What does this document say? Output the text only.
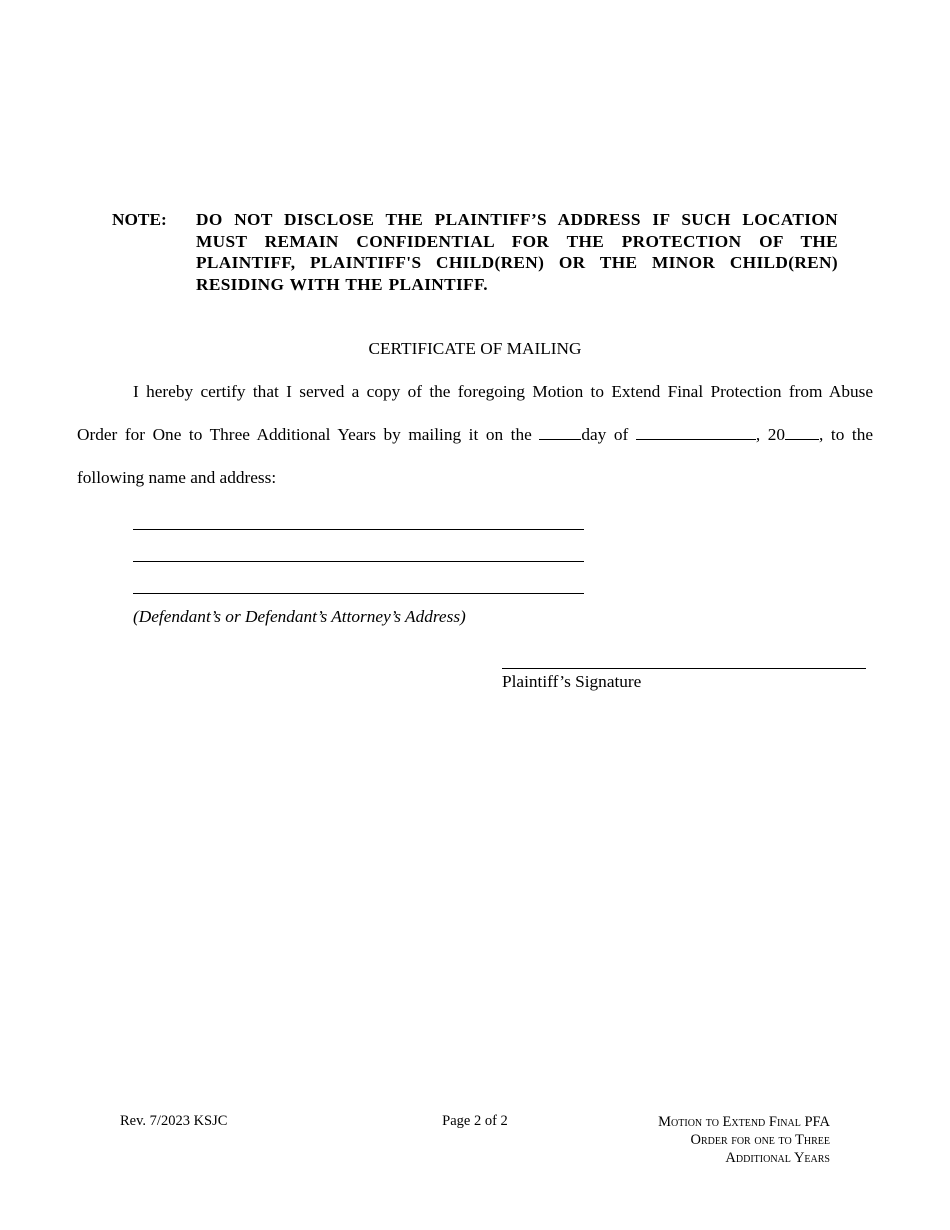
NOTE: DO NOT DISCLOSE THE PLAINTIFF’S ADDRESS IF SUCH LOCATION MUST REMAIN CONFIDENTIAL FOR THE PROTECTION OF THE PLAINTIFF, PLAINTIFF'S CHILD(REN) OR THE MINOR CHILD(REN) RESIDING WITH THE PLAINTIFF.
CERTIFICATE OF MAILING
I hereby certify that I served a copy of the foregoing Motion to Extend Final Protection from Abuse
Order for One to Three Additional Years by mailing it on the	day of	, 20 , to the
following name and address:
(Defendant’s or Defendant’s Attorney’s Address)
Plaintiff’s Signature
Rev. 7/2023 KSJC	Page 2 of 2	Motion to Extend Final PFA
Order for one to Three
Additional Years
